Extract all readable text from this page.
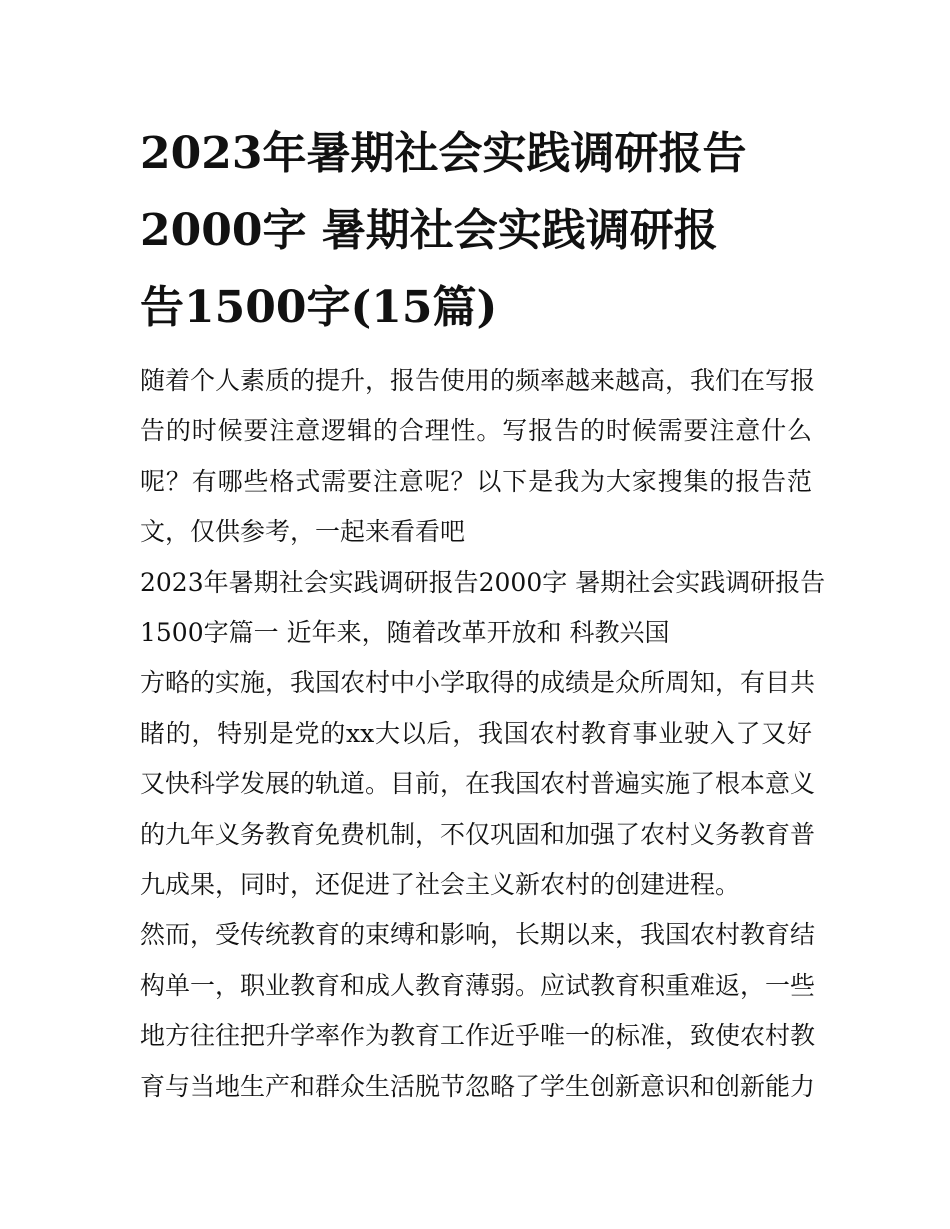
2023年暑期社会实践调研报告
2000字 暑期社会实践调研报
告1500字(15篇)

随着个人素质的提升，报告使用的频率越来越高，我们在写报
告的时候要注意逻辑的合理性。写报告的时候需要注意什么
呢？有哪些格式需要注意呢？以下是我为大家搜集的报告范
文，仅供参考，一起来看看吧

2023年暑期社会实践调研报告2000字 暑期社会实践调研报告
1500字篇一 近年来，随着改革开放和 科教兴国

方略的实施，我国农村中小学取得的成绩是众所周知，有目共
睹的，特别是党的xx大以后，我国农村教育事业驶入了又好
又快科学发展的轨道。目前，在我国农村普遍实施了根本意义
的九年义务教育免费机制，不仅巩固和加强了农村义务教育普
九成果，同时，还促进了社会主义新农村的创建进程。

然而，受传统教育的束缚和影响，长期以来，我国农村教育结
构单一，职业教育和成人教育薄弱。应试教育积重难返，一些
地方往往把升学率作为教育工作近乎唯一的标准，致使农村教
育与当地生产和群众生活脱节忽略了学生创新意识和创新能力
